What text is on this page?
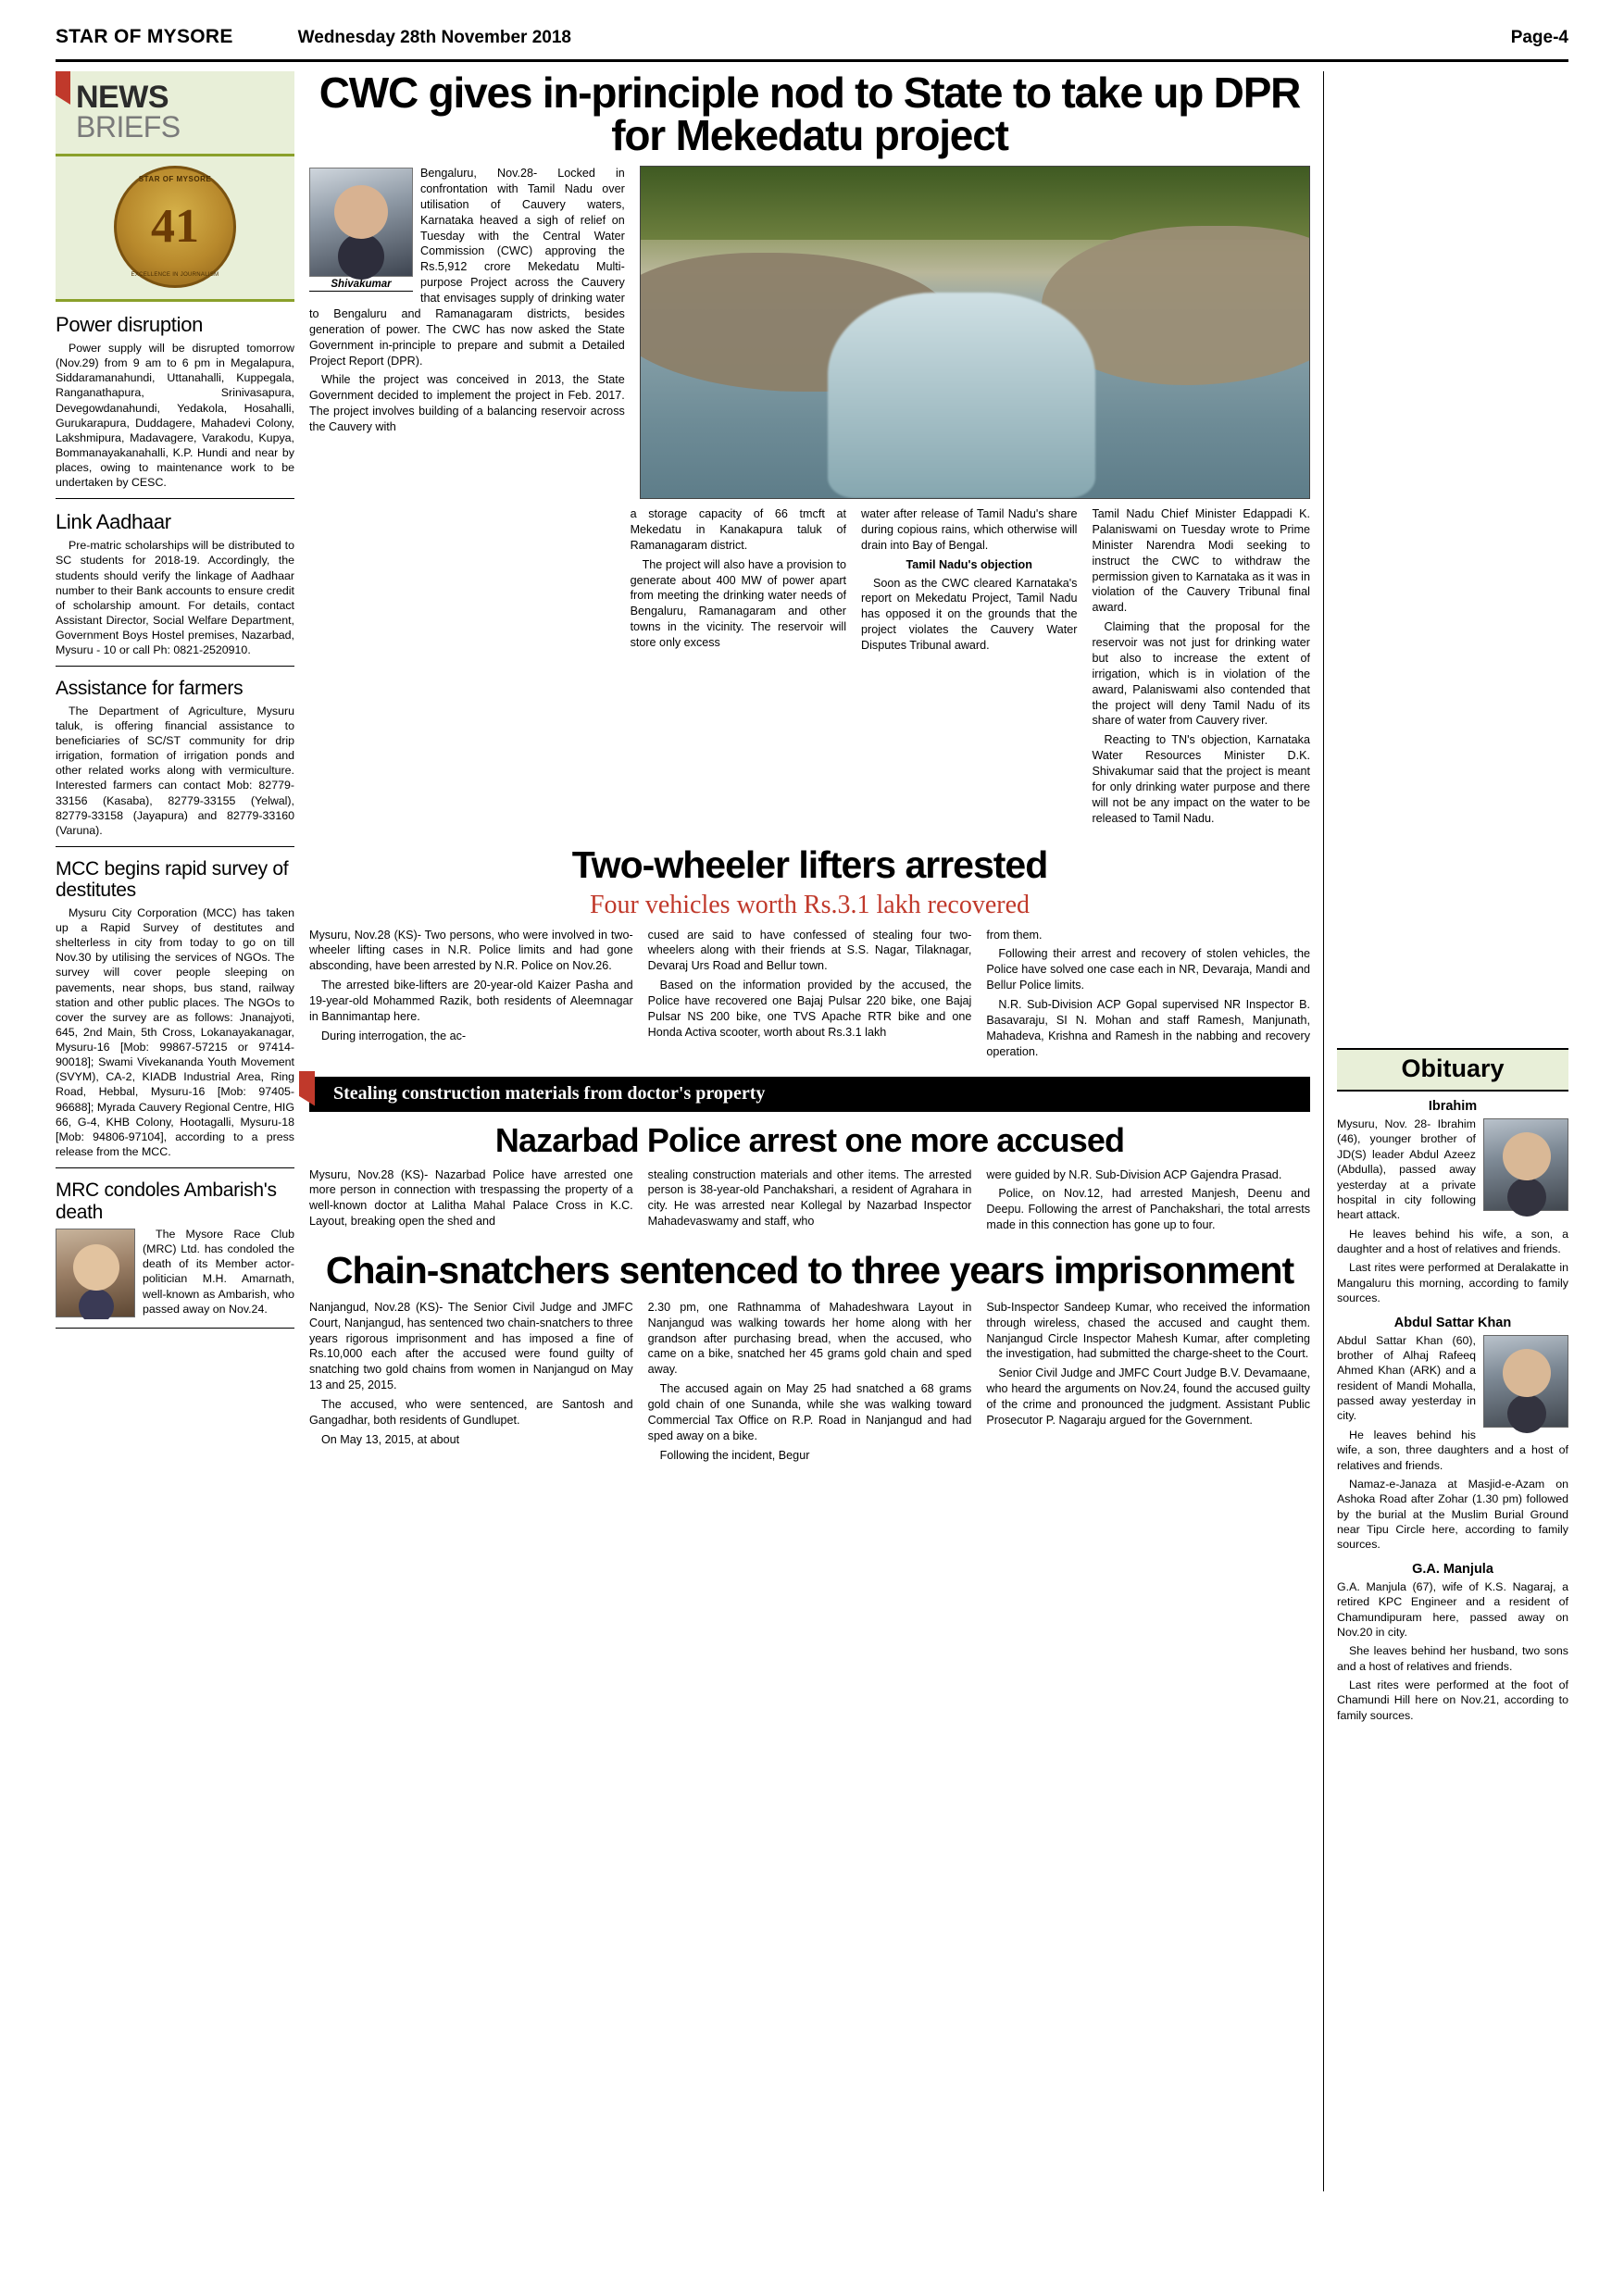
STAR OF MYSORE	Wednesday 28th November 2018	Page-4
NEWS
BRIEFS
STAR OF MYSORE
41
EXCELLENCE IN JOURNALISM
Power disruption

Power supply will be disrupted tomorrow (Nov.29) from 9 am to 6 pm in Megalapura, Siddaramanahundi, Uttanahalli, Kuppegala, Ranganathapura, Srinivasapura, Devegowdanahundi, Yedakola, Hosahalli, Gurukarapura, Duddagere, Mahadevi Colony, Lakshmipura, Madavagere, Varakodu, Kupya, Bommanayakanahalli, K.P. Hundi and near by places, owing to maintenance work to be undertaken by CESC.

Link Aadhaar

Pre-matric scholarships will be distributed to SC students for 2018-19. Accordingly, the students should verify the linkage of Aadhaar number to their Bank accounts to ensure credit of scholarship amount. For details, contact Assistant Director, Social Welfare Department, Government Boys Hostel premises, Nazarbad, Mysuru - 10 or call Ph: 0821-2520910.

Assistance for farmers

The Department of Agriculture, Mysuru taluk, is offering financial assistance to beneficiaries of SC/ST community for drip irrigation, formation of irrigation ponds and other related works along with vermiculture. Interested farmers can contact Mob: 82779-33156 (Kasaba), 82779-33155 (Yelwal), 82779-33158 (Jayapura) and 82779-33160 (Varuna).

MCC begins rapid survey of destitutes

Mysuru City Corporation (MCC) has taken up a Rapid Survey of destitutes and shelterless in city from today to go on till Nov.30 by utilising the services of NGOs. The survey will cover people sleeping on pavements, near shops, bus stand, railway station and other public places. The NGOs to cover the survey are as follows: Jnanajyoti, 645, 2nd Main, 5th Cross, Lokanayakanagar, Mysuru-16 [Mob: 99867-57215 or 97414-90018]; Swami Vivekananda Youth Movement (SVYM), CA-2, KIADB Industrial Area, Ring Road, Hebbal, Mysuru-16 [Mob: 97405-96688]; Myrada Cauvery Regional Centre, HIG 66, G-4, KHB Colony, Hootagalli, Mysuru-18 [Mob: 94806-97104], according to a press release from the MCC.

MRC condoles Ambarish's death

The Mysore Race Club (MRC) Ltd. has condoled the death of its Member actor-politician M.H. Amarnath, well-known as Ambarish, who passed away on Nov.24.

CWC gives in-principle nod to State to take up DPR for Mekedatu project
Shivakumar

Bengaluru, Nov.28- Locked in confrontation with Tamil Nadu over utilisation of Cauvery waters, Karnataka heaved a sigh of relief on Tuesday with the Central Water Commission (CWC) approving the Rs.5,912 crore Mekedatu Multi-purpose Project across the Cauvery that envisages supply of drinking water to Bengaluru and Ramanagaram districts, besides generation of power. The CWC has now asked the State Government in-principle to prepare and submit a Detailed Project Report (DPR).

While the project was conceived in 2013, the State Government decided to implement the project in Feb. 2017. The project involves building of a balancing reservoir across the Cauvery with

a storage capacity of 66 tmcft at Mekedatu in Kanakapura taluk of Ramanagaram district.

The project will also have a provision to generate about 400 MW of power apart from meeting the drinking water needs of Bengaluru, Ramanagaram and other towns in the vicinity. The reservoir will store only excess

water after release of Tamil Nadu's share during copious rains, which otherwise will drain into Bay of Bengal.

Tamil Nadu's objection

Soon as the CWC cleared Karnataka's report on Mekedatu Project, Tamil Nadu has opposed it on the grounds that the project violates the Cauvery Water Disputes Tribunal award.

Tamil Nadu Chief Minister Edappadi K. Palaniswami on Tuesday wrote to Prime Minister Narendra Modi seeking to instruct the CWC to withdraw the permission given to Karnataka as it was in violation of the Cauvery Tribunal final award.

Claiming that the proposal for the reservoir was not just for drinking water but also to increase the extent of irrigation, which is in violation of the award, Palaniswami also contended that the project will deny Tamil Nadu of its share of water from Cauvery river.

Reacting to TN's objection, Karnataka Water Resources Minister D.K. Shivakumar said that the project is meant for only drinking water purpose and there will not be any impact on the water to be released to Tamil Nadu.

Two-wheeler lifters arrested
Four vehicles worth Rs.3.1 lakh recovered

Mysuru, Nov.28 (KS)- Two persons, who were involved in two-wheeler lifting cases in N.R. Police limits and had gone absconding, have been arrested by N.R. Police on Nov.26.

The arrested bike-lifters are 20-year-old Kaizer Pasha and 19-year-old Mohammed Razik, both residents of Aleemnagar in Bannimantap here.

During interrogation, the ac-

cused are said to have confessed of stealing four two-wheelers along with their friends at S.S. Nagar, Tilaknagar, Devaraj Urs Road and Bellur town.

Based on the information provided by the accused, the Police have recovered one Bajaj Pulsar 220 bike, one Bajaj Pulsar NS 200 bike, one TVS Apache RTR bike and one Honda Activa scooter, worth about Rs.3.1 lakh

from them.

Following their arrest and recovery of stolen vehicles, the Police have solved one case each in NR, Devaraja, Mandi and Bellur Police limits.

N.R. Sub-Division ACP Gopal supervised NR Inspector B. Basavaraju, SI N. Mohan and staff Ramesh, Manjunath, Mahadeva, Krishna and Ramesh in the nabbing and recovery operation.

Stealing construction materials from doctor's property
Nazarbad Police arrest one more accused

Mysuru, Nov.28 (KS)- Nazarbad Police have arrested one more person in connection with trespassing the property of a well-known doctor at Lalitha Mahal Palace Cross in K.C. Layout, breaking open the shed and

stealing construction materials and other items. The arrested person is 38-year-old Panchakshari, a resident of Agrahara in city. He was arrested near Kollegal by Nazarbad Inspector Mahadevaswamy and staff, who

were guided by N.R. Sub-Division ACP Gajendra Prasad.

Police, on Nov.12, had arrested Manjesh, Deenu and Deepu. Following the arrest of Panchakshari, the total arrests made in this connection has gone up to four.

Chain-snatchers sentenced to three years imprisonment

Nanjangud, Nov.28 (KS)- The Senior Civil Judge and JMFC Court, Nanjangud, has sentenced two chain-snatchers to three years rigorous imprisonment and has imposed a fine of Rs.10,000 each after the accused were found guilty of snatching two gold chains from women in Nanjangud on May 13 and 25, 2015.

The accused, who were sentenced, are Santosh and Gangadhar, both residents of Gundlupet.

On May 13, 2015, at about

2.30 pm, one Rathnamma of Mahadeshwara Layout in Nanjangud was walking towards her home along with her grandson after purchasing bread, when the accused, who came on a bike, snatched her 45 grams gold chain and sped away.

The accused again on May 25 had snatched a 68 grams gold chain of one Sunanda, while she was walking toward Commercial Tax Office on R.P. Road in Nanjangud and had sped away on a bike.

Following the incident, Begur

Sub-Inspector Sandeep Kumar, who received the information through wireless, chased the accused and caught them. Nanjangud Circle Inspector Mahesh Kumar, after completing the investigation, had submitted the charge-sheet to the Court.

Senior Civil Judge and JMFC Court Judge B.V. Devamaane, who heard the arguments on Nov.24, found the accused guilty of the crime and pronounced the judgment. Assistant Public Prosecutor P. Nagaraju argued for the Government.

Obituary
Ibrahim

Mysuru, Nov. 28- Ibrahim (46), younger brother of JD(S) leader Abdul Azeez (Abdulla), passed away yesterday at a private hospital in city following heart attack.

He leaves behind his wife, a son, a daughter and a host of relatives and friends.

Last rites were performed at Deralakatte in Mangaluru this morning, according to family sources.

Abdul Sattar Khan

Abdul Sattar Khan (60), brother of Alhaj Rafeeq Ahmed Khan (ARK) and a resident of Mandi Mohalla, passed away yesterday in city.

He leaves behind his wife, a son, three daughters and a host of relatives and friends.

Namaz-e-Janaza at Masjid-e-Azam on Ashoka Road after Zohar (1.30 pm) followed by the burial at the Muslim Burial Ground near Tipu Circle here, according to family sources.

G.A. Manjula

G.A. Manjula (67), wife of K.S. Nagaraj, a retired KPC Engineer and a resident of Chamundipuram here, passed away on Nov.20 in city.

She leaves behind her husband, two sons and a host of relatives and friends.

Last rites were performed at the foot of Chamundi Hill here on Nov.21, according to family sources.
